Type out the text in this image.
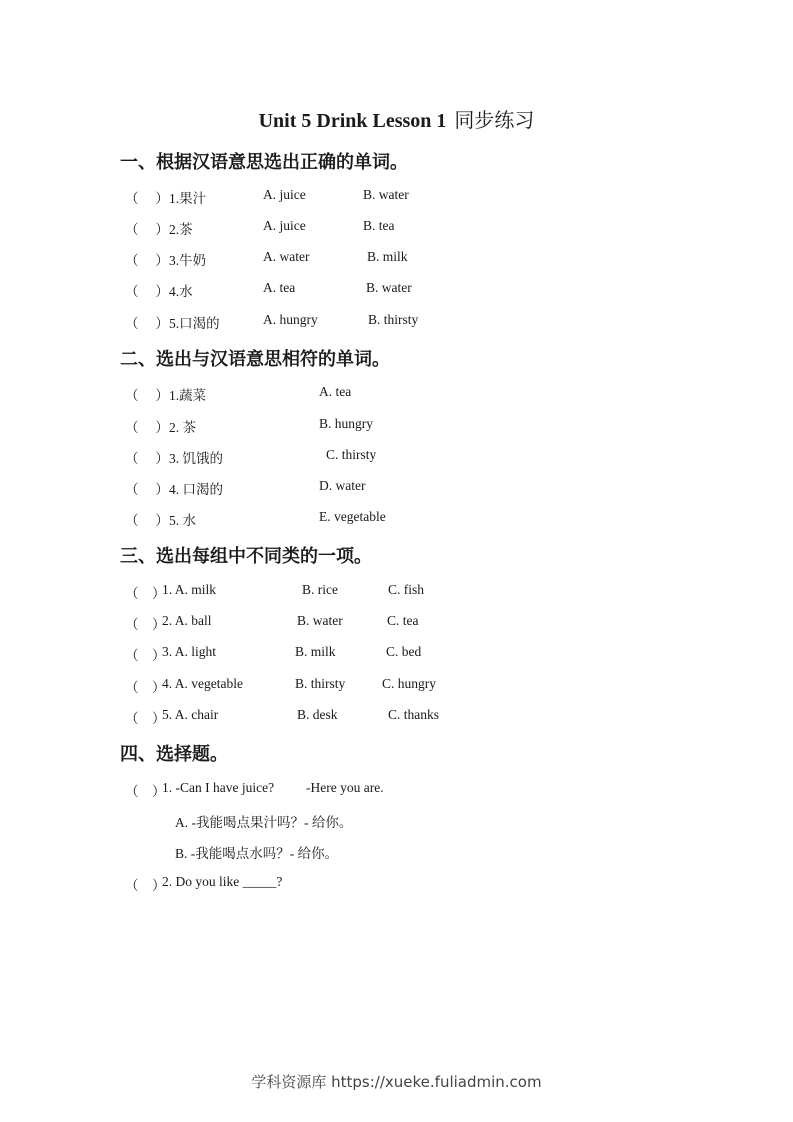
Unit 5 Drink Lesson 1 同步练习
一、根据汉语意思选出正确的单词。
（　 ） 1.果汁	A. juice	B. water
（　 ） 2.茶	A. juice	B. tea
（　 ） 3.牛奶	A. water	B. milk
（　 ） 4.水	A. tea	B. water
（　 ） 5.口渴的	A. hungry	B. thirsty
二、选出与汉语意思相符的单词。
（　 ） 1.蔬菜	A. tea
（　 ） 2. 茶	B. hungry
（　 ） 3. 饥饿的	C. thirsty
（　 ） 4. 口渴的	D. water
（　 ） 5. 水	E. vegetable
三、选出每组中不同类的一项。
（　）
1. A. milk	B. rice	C. fish
（　）
2. A. ball	B. water	C. tea
（　）
3. A. light	B. milk	C. bed
（　）
4. A. vegetable	B. thirsty	C. hungry
（　）
5. A. chair	B. desk	C. thanks
四、选择题。
（　）
1. -Can I have juice? -Here you are.
A. -我能喝点果汁吗？- 给你。
B. -我能喝点水吗？- 给你。
（　）
2. Do you like _____?
学科资源库 https://xueke.fuliadmin.com
